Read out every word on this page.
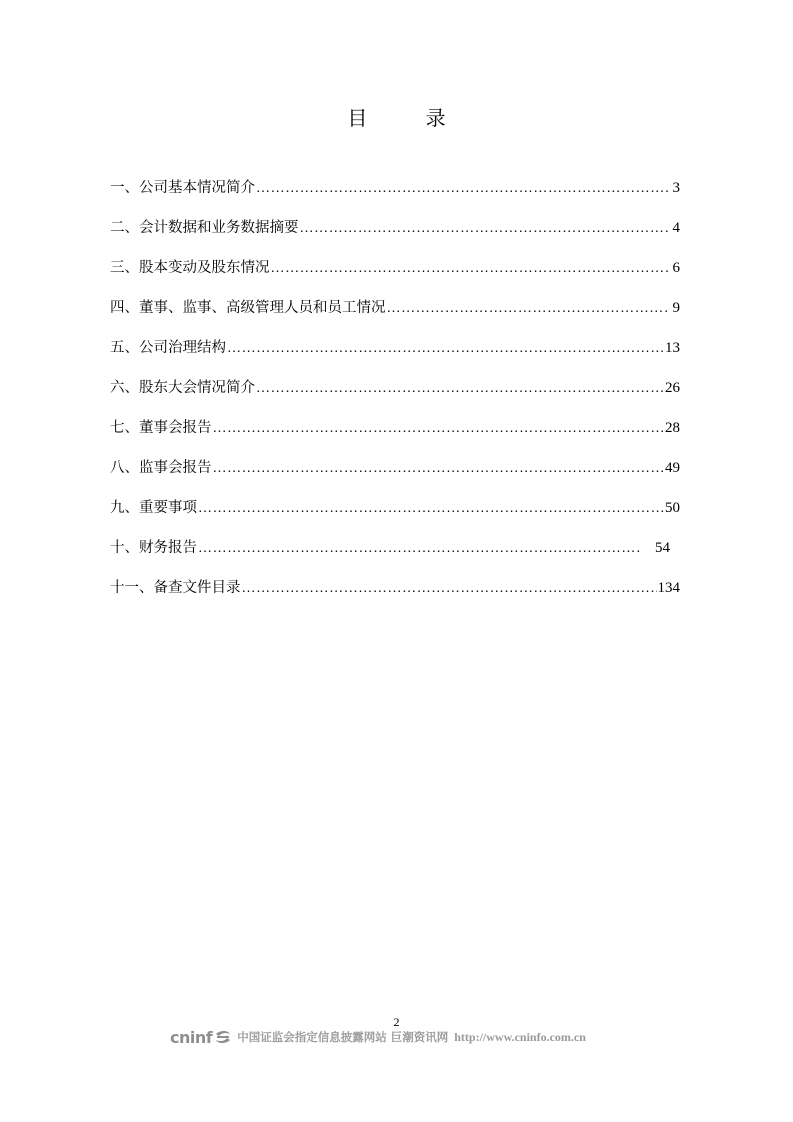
目 录
一、公司基本情况简介 ……………………………………………………………………………………………………………………………………………………………………………………………	3
二、会计数据和业务数据摘要 ……………………………………………………………………………………………………………………………………………………………………………………………	4
三、股本变动及股东情况 ……………………………………………………………………………………………………………………………………………………………………………………………	6
四、董事、监事、高级管理人员和员工情况 ……………………………………………………………………………………………………………………………………………………………………………………………	9
五、公司治理结构 ……………………………………………………………………………………………………………………………………………………………………………………………	13
六、股东大会情况简介 ……………………………………………………………………………………………………………………………………………………………………………………………	26
七、董事会报告 ……………………………………………………………………………………………………………………………………………………………………………………………	28
八、监事会报告 ……………………………………………………………………………………………………………………………………………………………………………………………	49
九、重要事项 ……………………………………………………………………………………………………………………………………………………………………………………………	50
十、财务报告 ……………………………………………………………………………………………………………………………………………………………………………………………	54
十一、备查文件目录 ……………………………………………………………………………………………………………………………………………………………………………………………	134
2
cninf 中国证监会指定信息披露网站 巨潮资讯网 http://www.cninfo.com.cn
